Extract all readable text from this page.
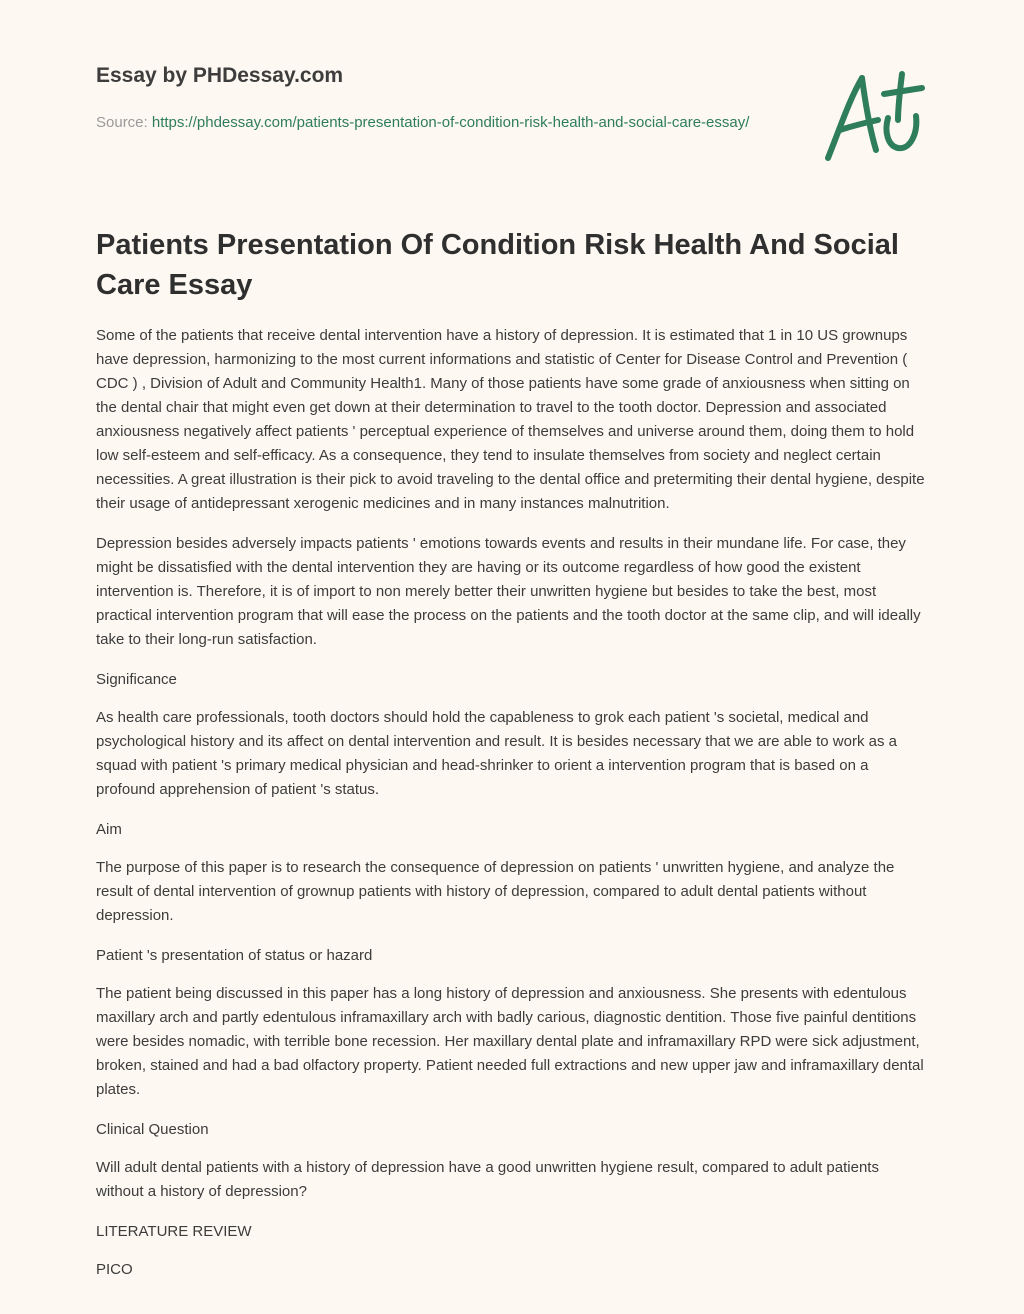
Essay by PHDessay.com
Source: https://phdessay.com/patients-presentation-of-condition-risk-health-and-social-care-essay/
Patients Presentation Of Condition Risk Health And Social Care Essay

Some of the patients that receive dental intervention have a history of depression. It is estimated that 1 in 10 US grownups have depression, harmonizing to the most current informations and statistic of Center for Disease Control and Prevention ( CDC ) , Division of Adult and Community Health1. Many of those patients have some grade of anxiousness when sitting on the dental chair that might even get down at their determination to travel to the tooth doctor. Depression and associated anxiousness negatively affect patients ' perceptual experience of themselves and universe around them, doing them to hold low self-esteem and self-efficacy. As a consequence, they tend to insulate themselves from society and neglect certain necessities. A great illustration is their pick to avoid traveling to the dental office and pretermiting their dental hygiene, despite their usage of antidepressant xerogenic medicines and in many instances malnutrition.

Depression besides adversely impacts patients ' emotions towards events and results in their mundane life. For case, they might be dissatisfied with the dental intervention they are having or its outcome regardless of how good the existent intervention is. Therefore, it is of import to non merely better their unwritten hygiene but besides to take the best, most practical intervention program that will ease the process on the patients and the tooth doctor at the same clip, and will ideally take to their long-run satisfaction.

Significance

As health care professionals, tooth doctors should hold the capableness to grok each patient 's societal, medical and psychological history and its affect on dental intervention and result. It is besides necessary that we are able to work as a squad with patient 's primary medical physician and head-shrinker to orient a intervention program that is based on a profound apprehension of patient 's status.

Aim

The purpose of this paper is to research the consequence of depression on patients ' unwritten hygiene, and analyze the result of dental intervention of grownup patients with history of depression, compared to adult dental patients without depression.

Patient 's presentation of status or hazard

The patient being discussed in this paper has a long history of depression and anxiousness. She presents with edentulous maxillary arch and partly edentulous inframaxillary arch with badly carious, diagnostic dentition. Those five painful dentitions were besides nomadic, with terrible bone recession. Her maxillary dental plate and inframaxillary RPD were sick adjustment, broken, stained and had a bad olfactory property. Patient needed full extractions and new upper jaw and inframaxillary dental plates.

Clinical Question

Will adult dental patients with a history of depression have a good unwritten hygiene result, compared to adult patients without a history of depression?

LITERATURE REVIEW

PICO
